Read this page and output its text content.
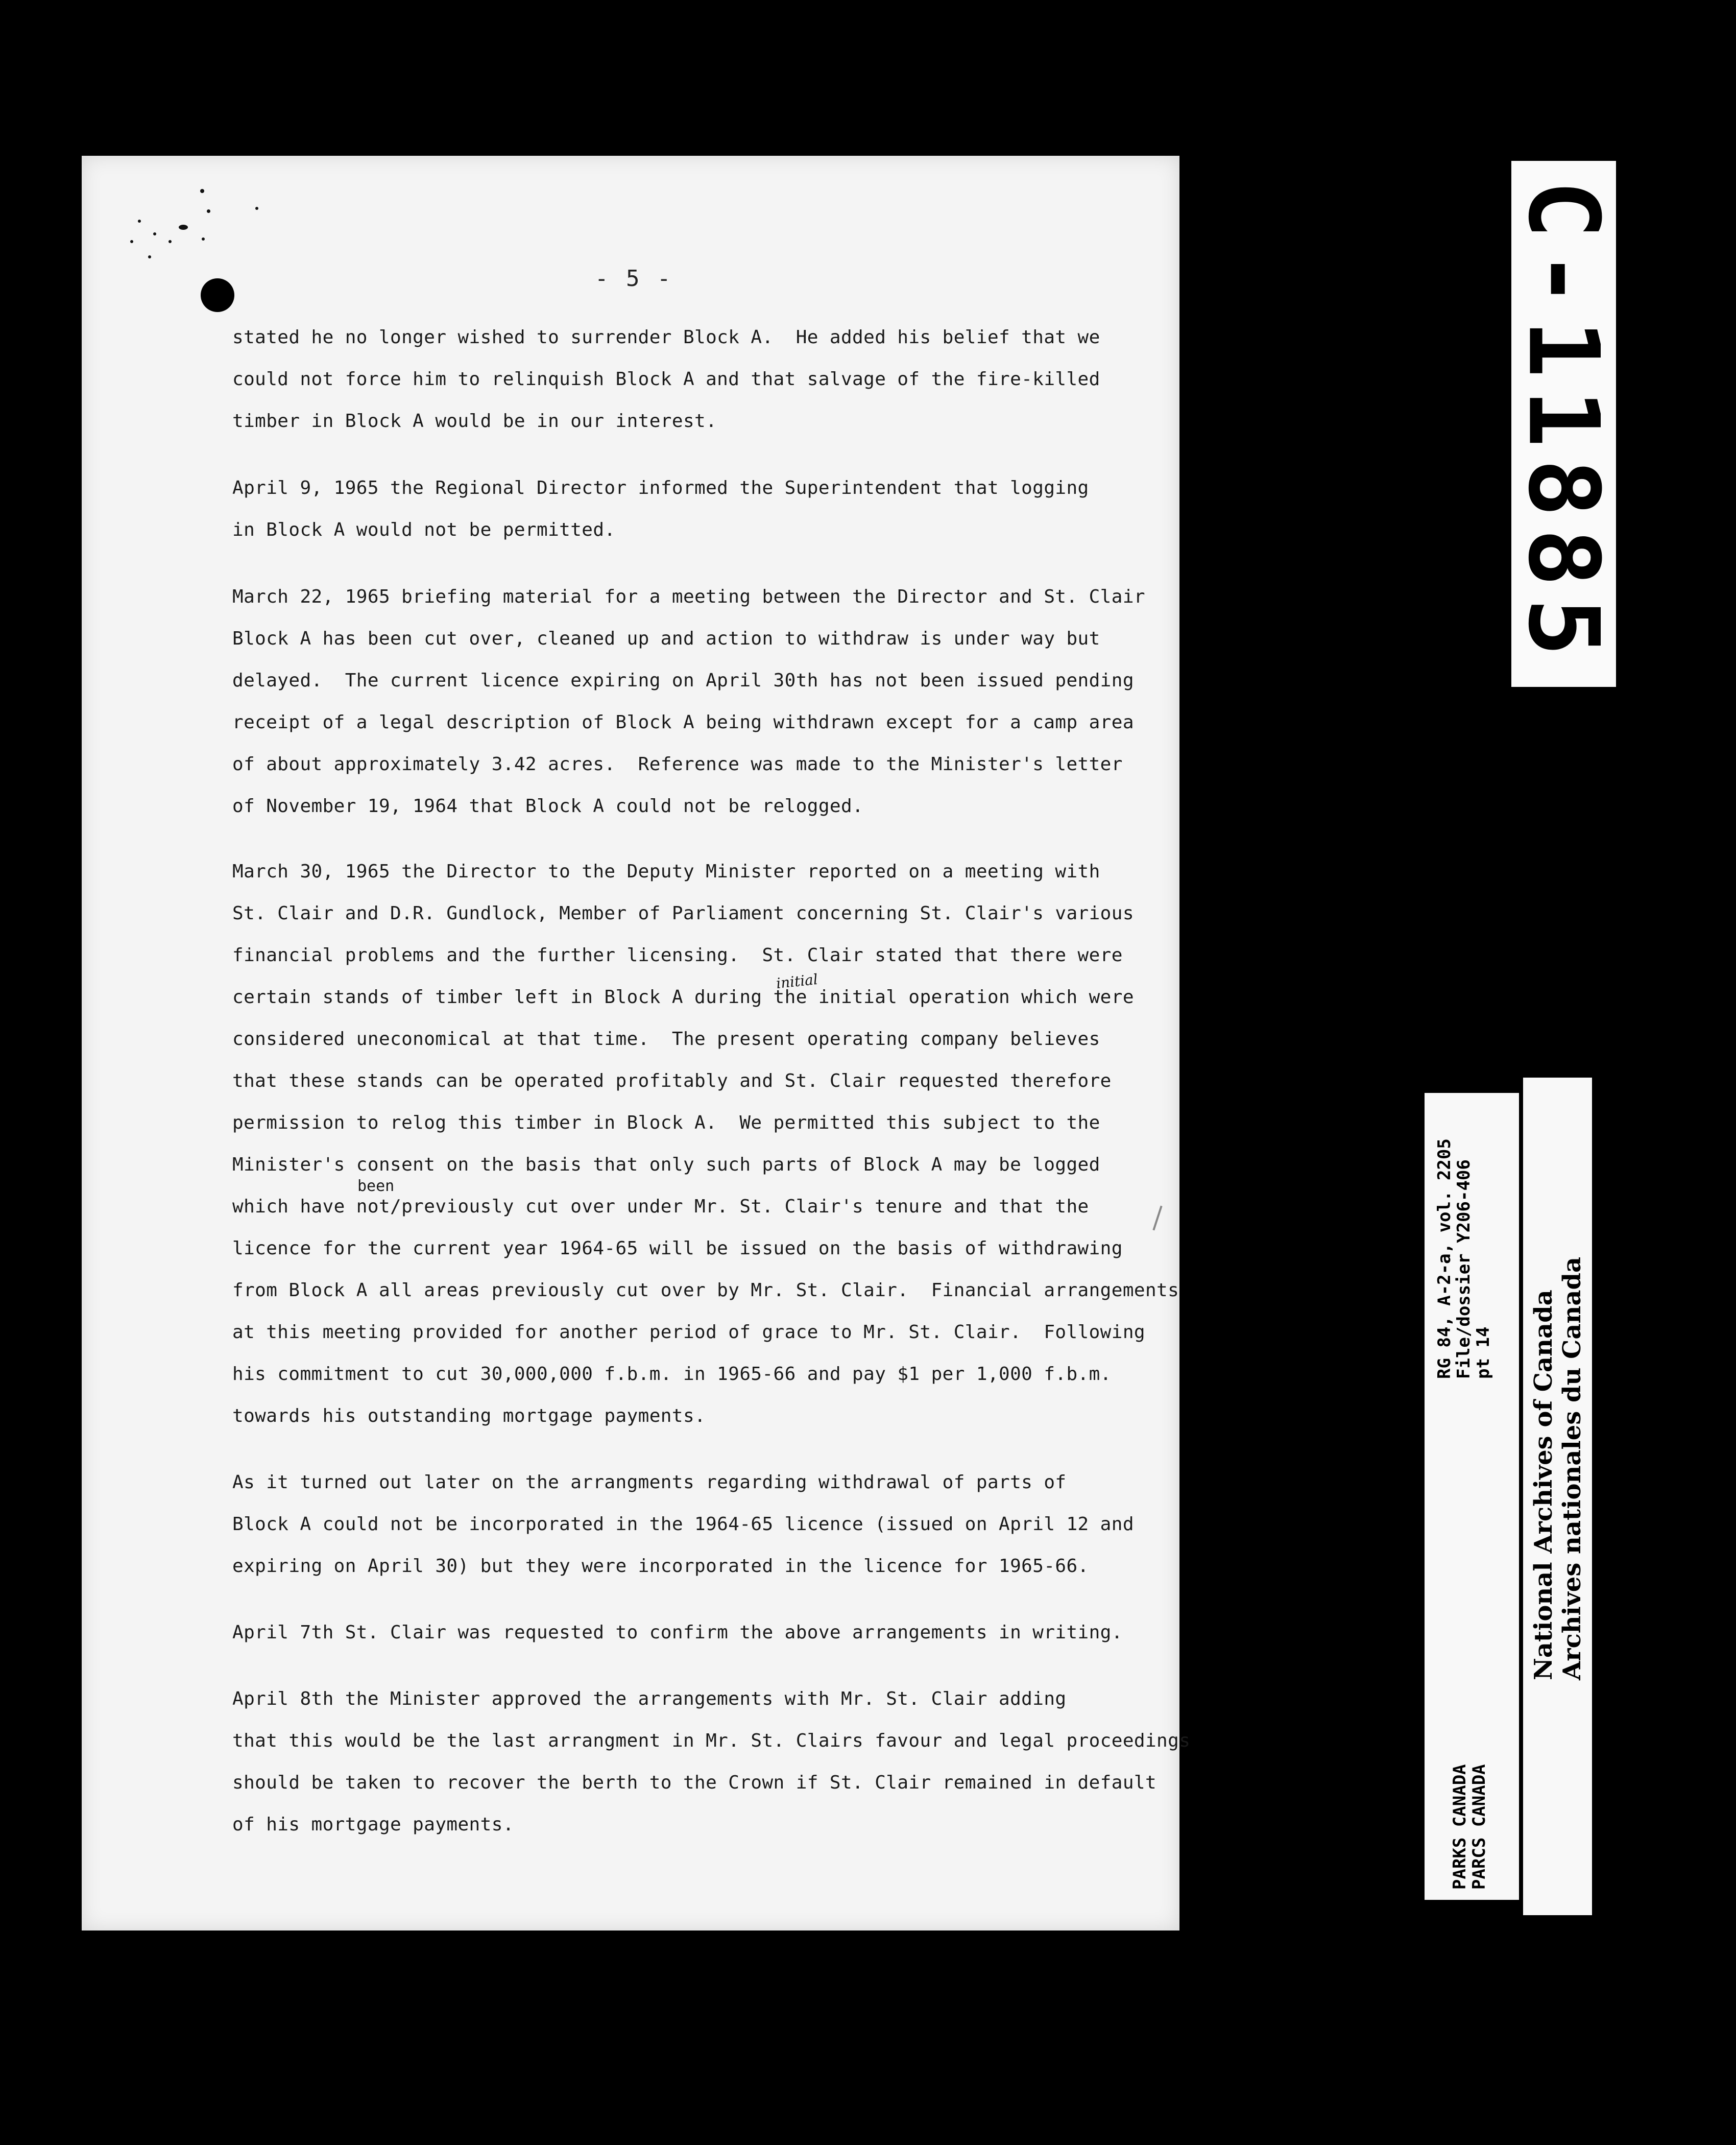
- 5 -
stated he no longer wished to surrender Block A.  He added his belief that we
could not force him to relinquish Block A and that salvage of the fire-killed
timber in Block A would be in our interest.
April 9, 1965 the Regional Director informed the Superintendent that logging
in Block A would not be permitted.
March 22, 1965 briefing material for a meeting between the Director and St. Clair
Block A has been cut over, cleaned up and action to withdraw is under way but
delayed.  The current licence expiring on April 30th has not been issued pending
receipt of a legal description of Block A being withdrawn except for a camp area
of about approximately 3.42 acres.  Reference was made to the Minister's letter
of November 19, 1964 that Block A could not be relogged.
March 30, 1965 the Director to the Deputy Minister reported on a meeting with
St. Clair and D.R. Gundlock, Member of Parliament concerning St. Clair's various
financial problems and the further licensing.  St. Clair stated that there were
certain stands of timber left in Block A during the initial operation which were
initial
considered uneconomical at that time.  The present operating company believes
that these stands can be operated profitably and St. Clair requested therefore
permission to relog this timber in Block A.  We permitted this subject to the
Minister's consent on the basis that only such parts of Block A may be logged
been
which have not/previously cut over under Mr. St. Clair's tenure and that the
licence for the current year 1964-65 will be issued on the basis of withdrawing
from Block A all areas previously cut over by Mr. St. Clair.  Financial arrangements
at this meeting provided for another period of grace to Mr. St. Clair.  Following
his commitment to cut 30,000,000 f.b.m. in 1965-66 and pay $1 per 1,000 f.b.m.
towards his outstanding mortgage payments.
As it turned out later on the arrangments regarding withdrawal of parts of
Block A could not be incorporated in the 1964-65 licence (issued on April 12 and
expiring on April 30) but they were incorporated in the licence for 1965-66.
April 7th St. Clair was requested to confirm the above arrangements in writing.
April 8th the Minister approved the arrangements with Mr. St. Clair adding
that this would be the last arrangment in Mr. St. Clairs favour and legal proceedings
should be taken to recover the berth to the Crown if St. Clair remained in default
of his mortgage payments.
C-11885
PARKS CANADA
PARCS CANADA
RG 84, A-2-a, vol. 2205
File/dossier Y206-406
pt 14 National Archives of Canada Archives nationales du Canada
